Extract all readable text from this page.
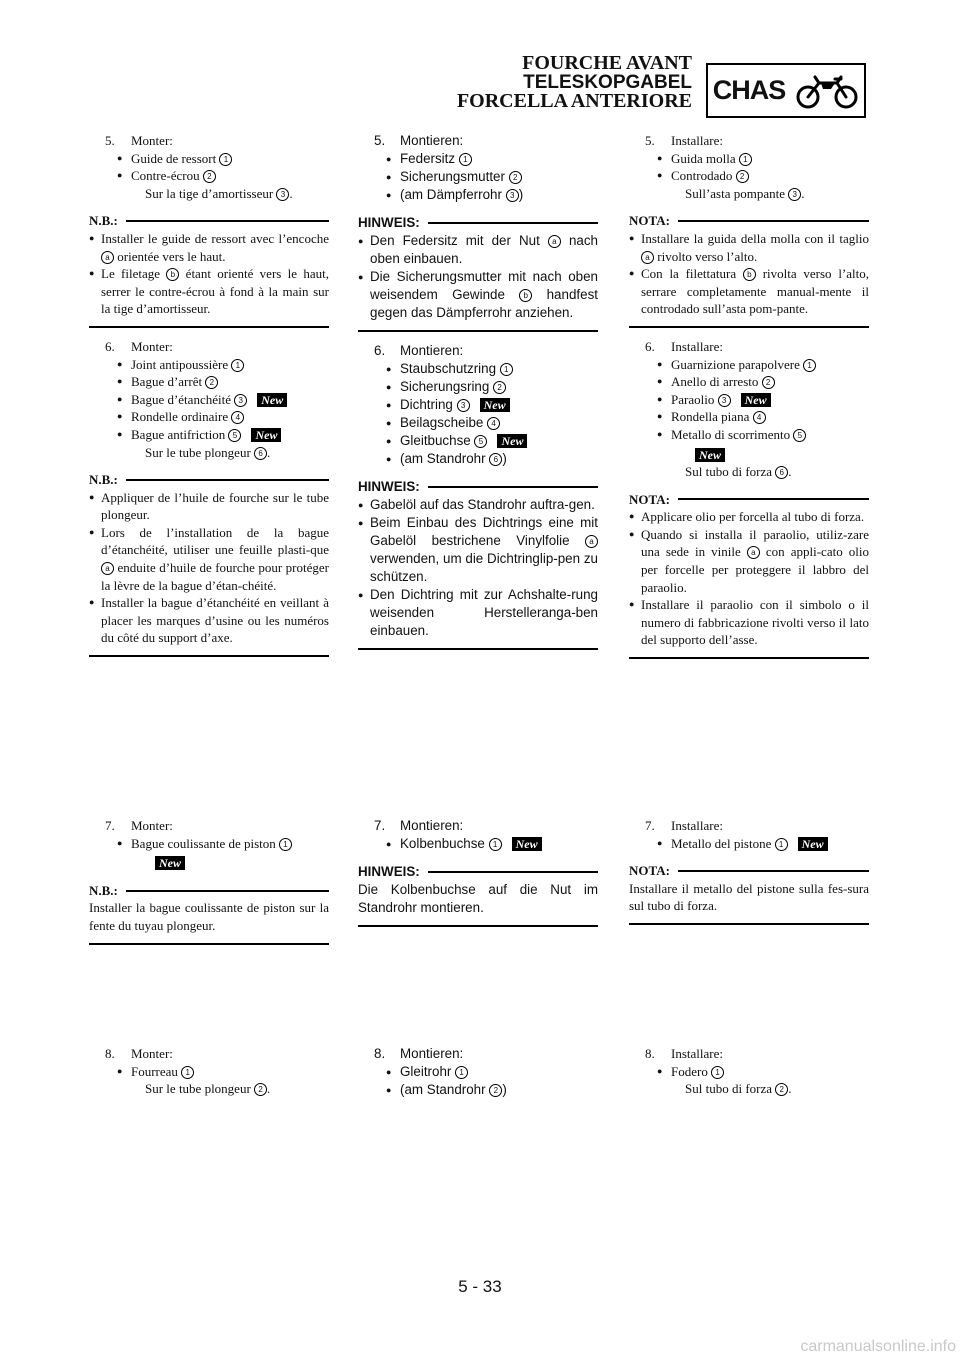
FOURCHE AVANT
TELESKOPGABEL
FORCELLA ANTERIORE CHAS
5. Monter:
● Guide de ressort 1
● Contre-écrou 2
Sur la tige d’amortisseur 3 .
N.B.:
● Installer le guide de ressort avec l’encoche a orientée vers le haut.
● Le filetage b étant orienté vers le haut, serrer le contre-écrou à fond à la main sur la tige d’amortisseur.
6. Monter:
● Joint antipoussière 1
● Bague d’arrêt 2
● Bague d’étanchéité 3 New
● Rondelle ordinaire 4
● Bague antifriction 5 New
Sur le tube plongeur 6 .
N.B.:
● Appliquer de l’huile de fourche sur le tube plongeur.
● Lors de l’installation de la bague d’étanchéité, utiliser une feuille plasti-que a enduite d’huile de fourche pour protéger la lèvre de la bague d’étan-chéité.
● Installer la bague d’étanchéité en veillant à placer les marques d’usine ou les numéros du côté du support d’axe.
7. Monter:
● Bague coulissante de piston 1
New
N.B.:
Installer la bague coulissante de piston sur la fente du tuyau plongeur.
8. Monter:
● Fourreau 1
Sur le tube plongeur 2 .
5. Montieren:
● Federsitz 1
● Sicherungsmutter 2
● (am Dämpferrohr 3 )
HINWEIS:
● Den Federsitz mit der Nut a nach oben einbauen.
● Die Sicherungsmutter mit nach oben weisendem Gewinde b handfest gegen das Dämpferrohr anziehen.
6. Montieren:
● Staubschutzring 1
● Sicherungsring 2
● Dichtring 3 New
● Beilagscheibe 4
● Gleitbuchse 5 New
● (am Standrohr 6 )
HINWEIS:
● Gabelöl auf das Standrohr auftra-gen.
● Beim Einbau des Dichtrings eine mit Gabelöl bestrichene Vinylfolie a verwenden, um die Dichtringlip-pen zu schützen.
● Den Dichtring mit zur Achshalte-rung weisenden Herstelleranga-ben einbauen.
7. Montieren:
● Kolbenbuchse 1 New
HINWEIS:
Die Kolbenbuchse auf die Nut im Standrohr montieren.
8. Montieren:
● Gleitrohr 1
● (am Standrohr 2 )
5. Installare:
● Guida molla 1
● Controdado 2
Sull’asta pompante 3 .
NOTA:
● Installare la guida della molla con il taglio a rivolto verso l’alto.
● Con la filettatura b rivolta verso l’alto, serrare completamente manual-mente il controdado sull’asta pom-pante.
6. Installare:
● Guarnizione parapolvere 1
● Anello di arresto 2
● Paraolio 3 New
● Rondella piana 4
● Metallo di scorrimento 5
New
Sul tubo di forza 6 .
NOTA:
● Applicare olio per forcella al tubo di forza.
● Quando si installa il paraolio, utiliz-zare una sede in vinile a con appli-cato olio per forcelle per proteggere il labbro del paraolio.
● Installare il paraolio con il simbolo o il numero di fabbricazione rivolti verso il lato del supporto dell’asse.
7. Installare:
● Metallo del pistone 1 New
NOTA:
Installare il metallo del pistone sulla fes-sura sul tubo di forza.
8. Installare:
● Fodero 1
Sul tubo di forza 2 .
5 - 33
carmanualsonline.info
